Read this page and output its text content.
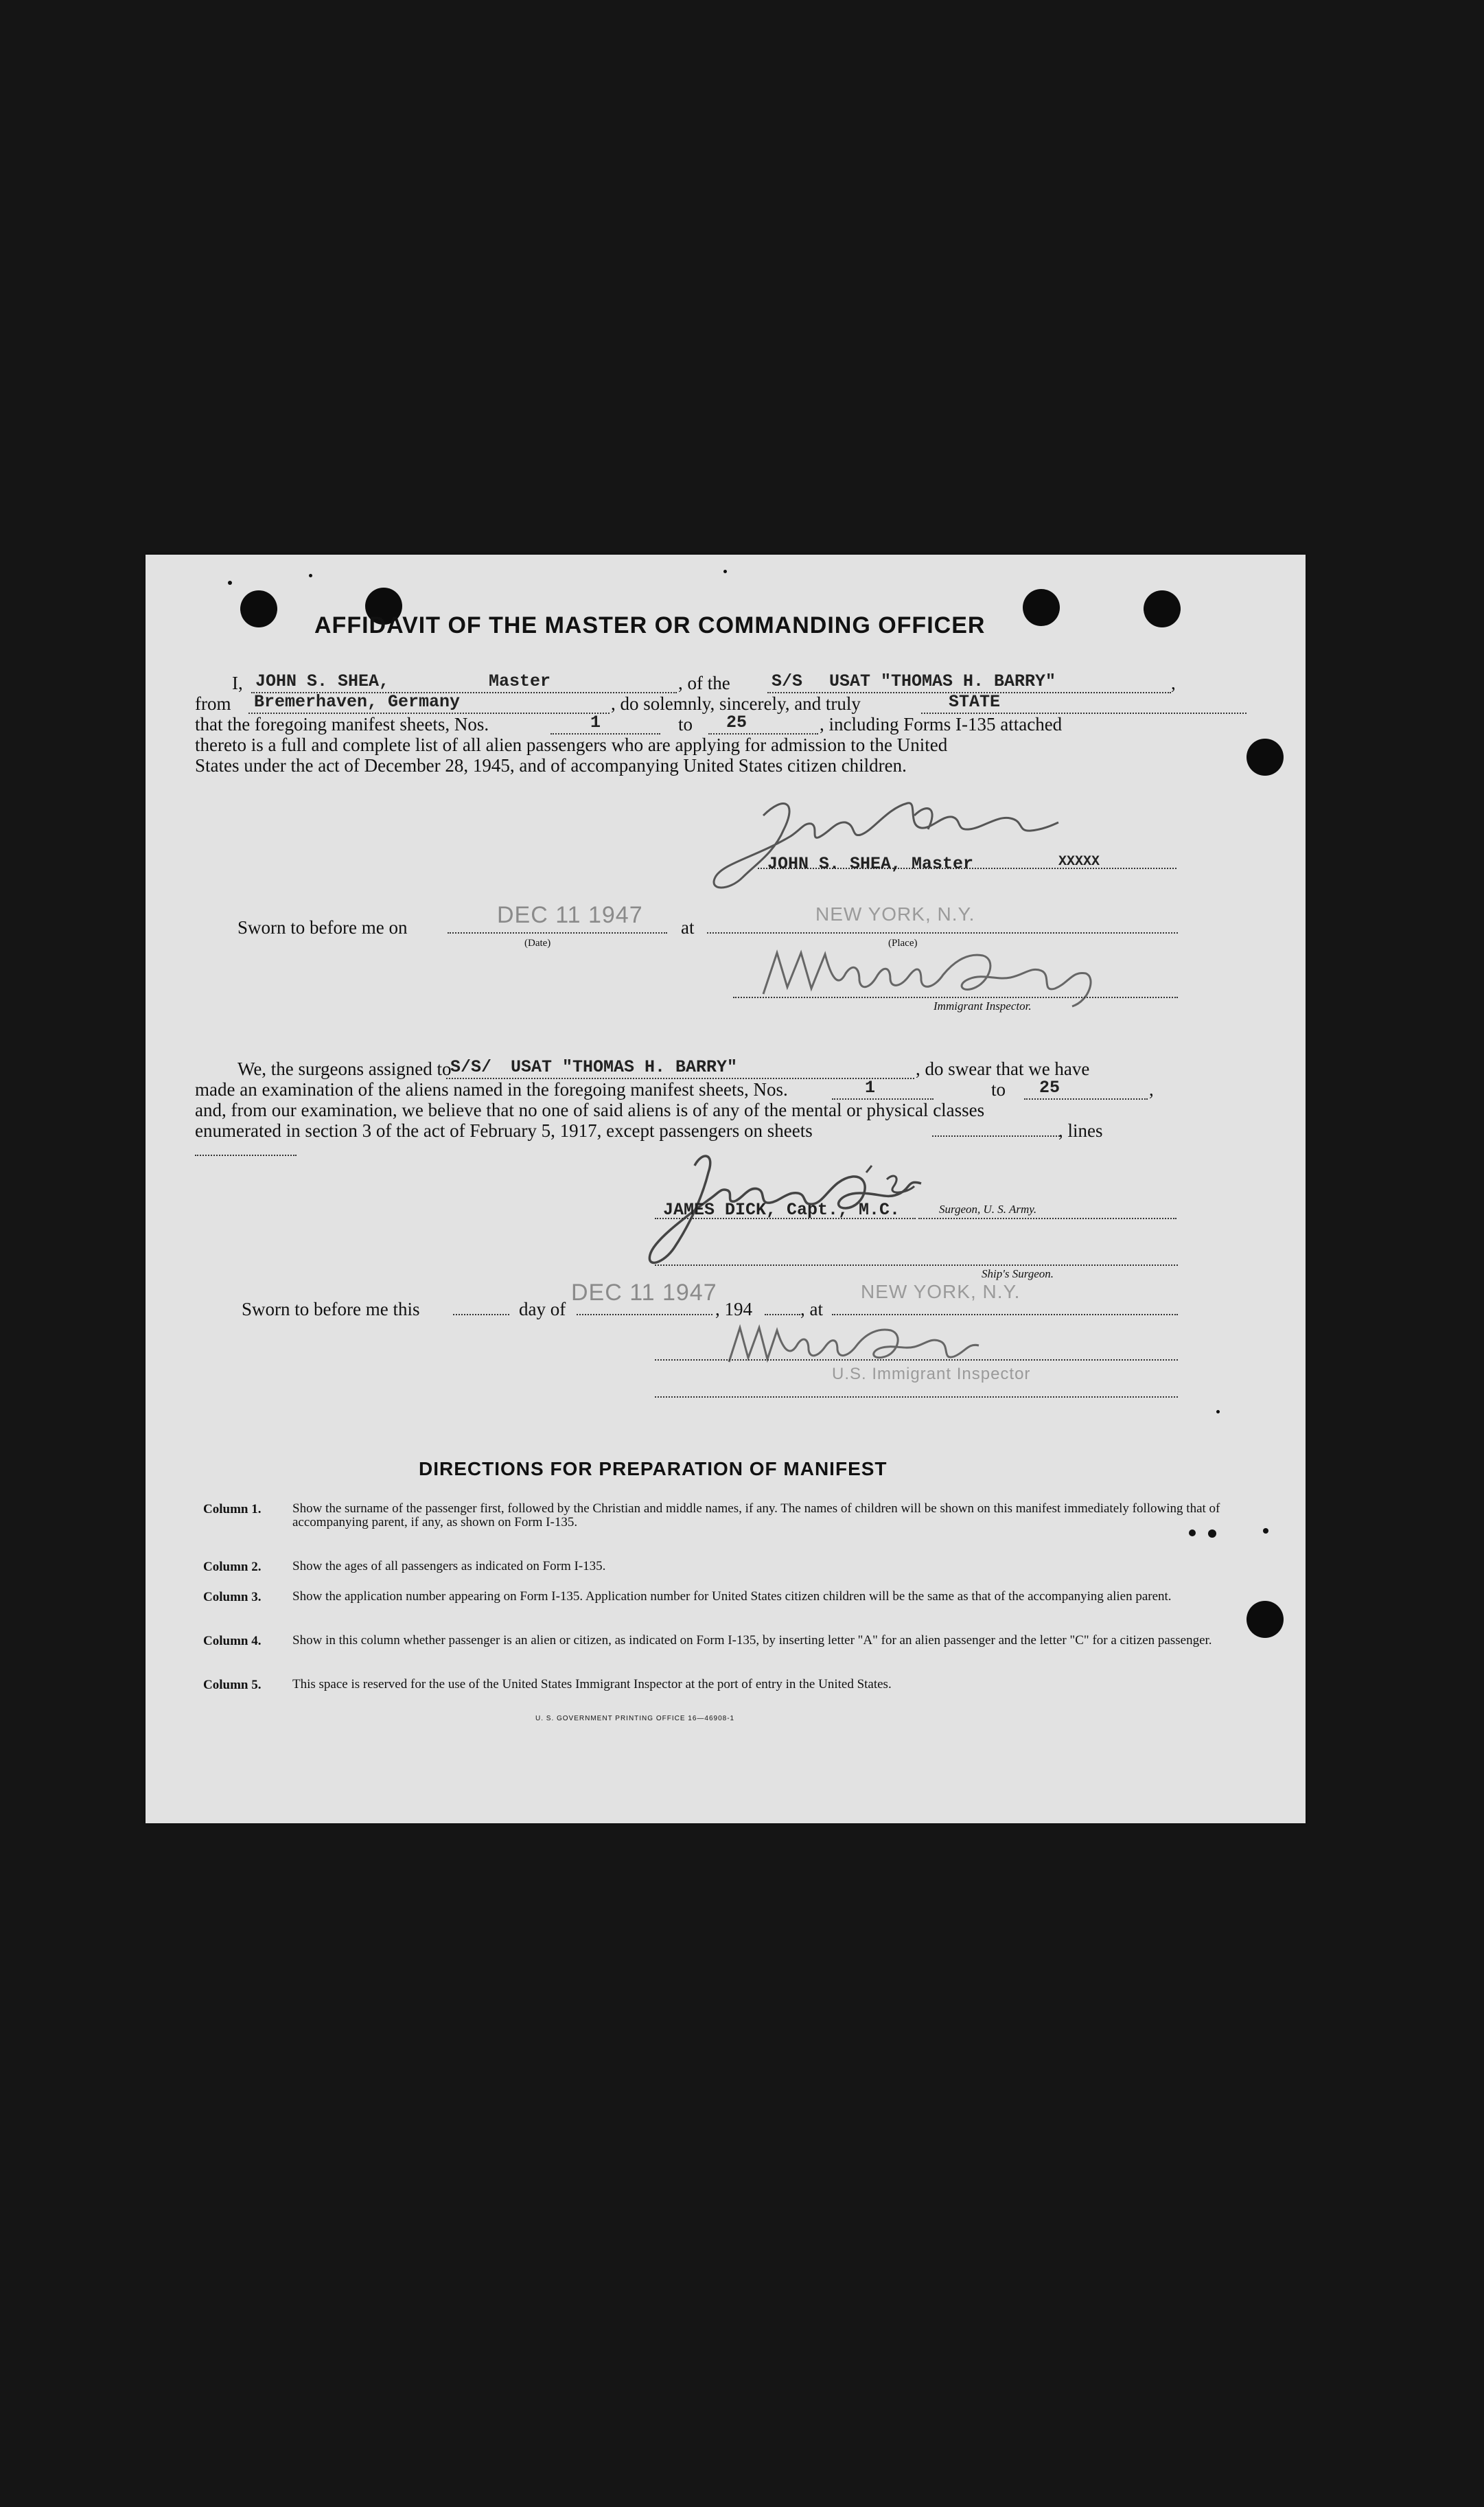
AFFIDAVIT OF THE MASTER OR COMMANDING OFFICER
I, JOHN S. SHEA,	Master	, of the S/S USAT "THOMAS H. BARRY"	,
from Bremerhaven, Germany	, do solemnly, sincerely, and truly	STATE
that the foregoing manifest sheets, Nos.	1	to 25	, including Forms I-135 attached
thereto is a full and complete list of all alien passengers who are applying for admission to the United
States under the act of December 28, 1945, and of accompanying United States citizen children.
JOHN S. SHEA, Master	XXXXX
Sworn to before me on	DEC 11 1947
(Date)
at
NEW YORK, N.Y.
(Place)
Immigrant Inspector.
We, the surgeons assigned to
S/S/ USAT "THOMAS H. BARRY"	, do swear that we have
made an examination of the aliens named in the foregoing manifest sheets, Nos.	1	to 25	,
and, from our examination, we believe that no one of said aliens is of any of the mental or physical classes
enumerated in section 3 of the act of February 5, 1917, except passengers on sheets	, lines
JAMES DICK, Capt., M.C.	Surgeon, U. S. Army.
Ship's Surgeon.
Sworn to before me this	day of
DEC 11 1947
, 194	, at
NEW YORK, N.Y.
U.S. Immigrant Inspector
DIRECTIONS FOR PREPARATION OF MANIFEST
Column 1. Show the surname of the passenger first, followed by the Christian and middle names, if any. The names of children will be shown on this manifest immediately following that of accompanying parent, if any, as shown on Form I-135.
Column 2. Show the ages of all passengers as indicated on Form I-135.
Column 3. Show the application number appearing on Form I-135. Application number for United States citizen children will be the same as that of the accompanying alien parent.
Column 4. Show in this column whether passenger is an alien or citizen, as indicated on Form I-135, by inserting letter "A" for an alien passenger and the letter "C" for a citizen passenger.
Column 5. This space is reserved for the use of the United States Immigrant Inspector at the port of entry in the United States.
U. S. GOVERNMENT PRINTING OFFICE 16—46908-1
